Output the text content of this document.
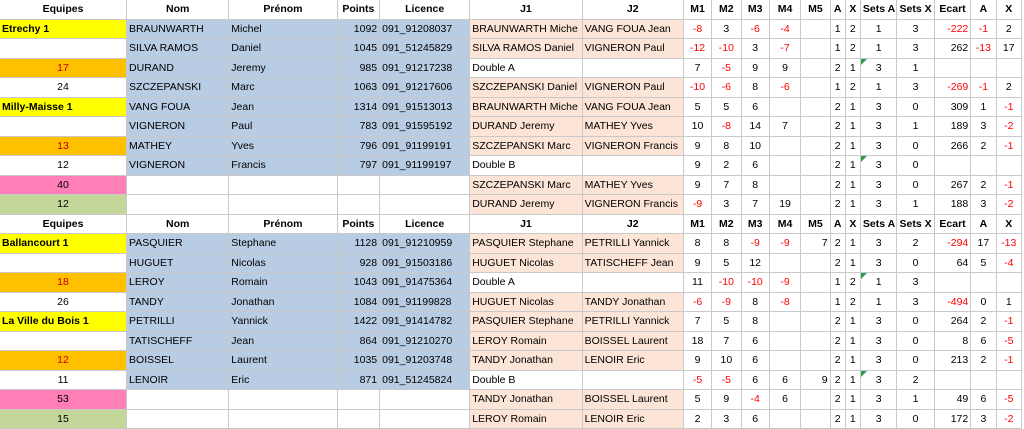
Equipes	Nom	Prénom	Points	Licence	J1	J2	M1	M2	M3	M4	M5	A	X	Sets A	Sets X	Ecart	A	X
Etrechy 1	BRAUNWARTH	Michel	1092	091_91208037	BRAUNWARTH Miche	VANG FOUA Jean	-8	3	-6	-4		1	2	1	3	-222	-1	2
	SILVA RAMOS	Daniel	1045	091_51245829	SILVA RAMOS Daniel	VIGNERON Paul	-12	-10	3	-7		1	2	1	3	262	-13	17
17	DURAND	Jeremy	985	091_91217238	Double A		7	-5	9	9		2	1	3	1			
24	SZCZEPANSKI	Marc	1063	091_91217606	SZCZEPANSKI Daniel	VIGNERON Paul	-10	-6	8	-6		1	2	1	3	-269	-1	2
Milly-Maisse 1	VANG FOUA	Jean	1314	091_91513013	BRAUNWARTH Miche	VANG FOUA Jean	5	5	6			2	1	3	0	309	1	-1
	VIGNERON	Paul	783	091_91595192	DURAND Jeremy	MATHEY Yves	10	-8	14	7		2	1	3	1	189	3	-2
13	MATHEY	Yves	796	091_91199191	SZCZEPANSKI Marc	VIGNERON Francis	9	8	10			2	1	3	0	266	2	-1
12	VIGNERON	Francis	797	091_91199197	Double B		9	2	6			2	1	3	0			
40					SZCZEPANSKI Marc	MATHEY Yves	9	7	8			2	1	3	0	267	2	-1
12					DURAND Jeremy	VIGNERON Francis	-9	3	7	19		2	1	3	1	188	3	-2
Equipes	Nom	Prénom	Points	Licence	J1	J2	M1	M2	M3	M4	M5	A	X	Sets A	Sets X	Ecart	A	X
Ballancourt 1	PASQUIER	Stephane	1128	091_91210959	PASQUIER Stephane	PETRILLI Yannick	8	8	-9	-9	7	2	1	3	2	-294	17	-13
	HUGUET	Nicolas	928	091_91503186	HUGUET Nicolas	TATISCHEFF Jean	9	5	12			2	1	3	0	64	5	-4
18	LEROY	Romain	1043	091_91475364	Double A		11	-10	-10	-9		1	2	1	3			
26	TANDY	Jonathan	1084	091_91199828	HUGUET Nicolas	TANDY Jonathan	-6	-9	8	-8		1	2	1	3	-494	0	1
La Ville du Bois 1	PETRILLI	Yannick	1422	091_91414782	PASQUIER Stephane	PETRILLI Yannick	7	5	8			2	1	3	0	264	2	-1
	TATISCHEFF	Jean	864	091_91210270	LEROY Romain	BOISSEL Laurent	18	7	6			2	1	3	0	8	6	-5
12	BOISSEL	Laurent	1035	091_91203748	TANDY Jonathan	LENOIR Eric	9	10	6			2	1	3	0	213	2	-1
11	LENOIR	Eric	871	091_51245824	Double B		-5	-5	6	6	9	2	1	3	2			
53					TANDY Jonathan	BOISSEL Laurent	5	9	-4	6		2	1	3	1	49	6	-5
15					LEROY Romain	LENOIR Eric	2	3	6			2	1	3	0	172	3	-2
